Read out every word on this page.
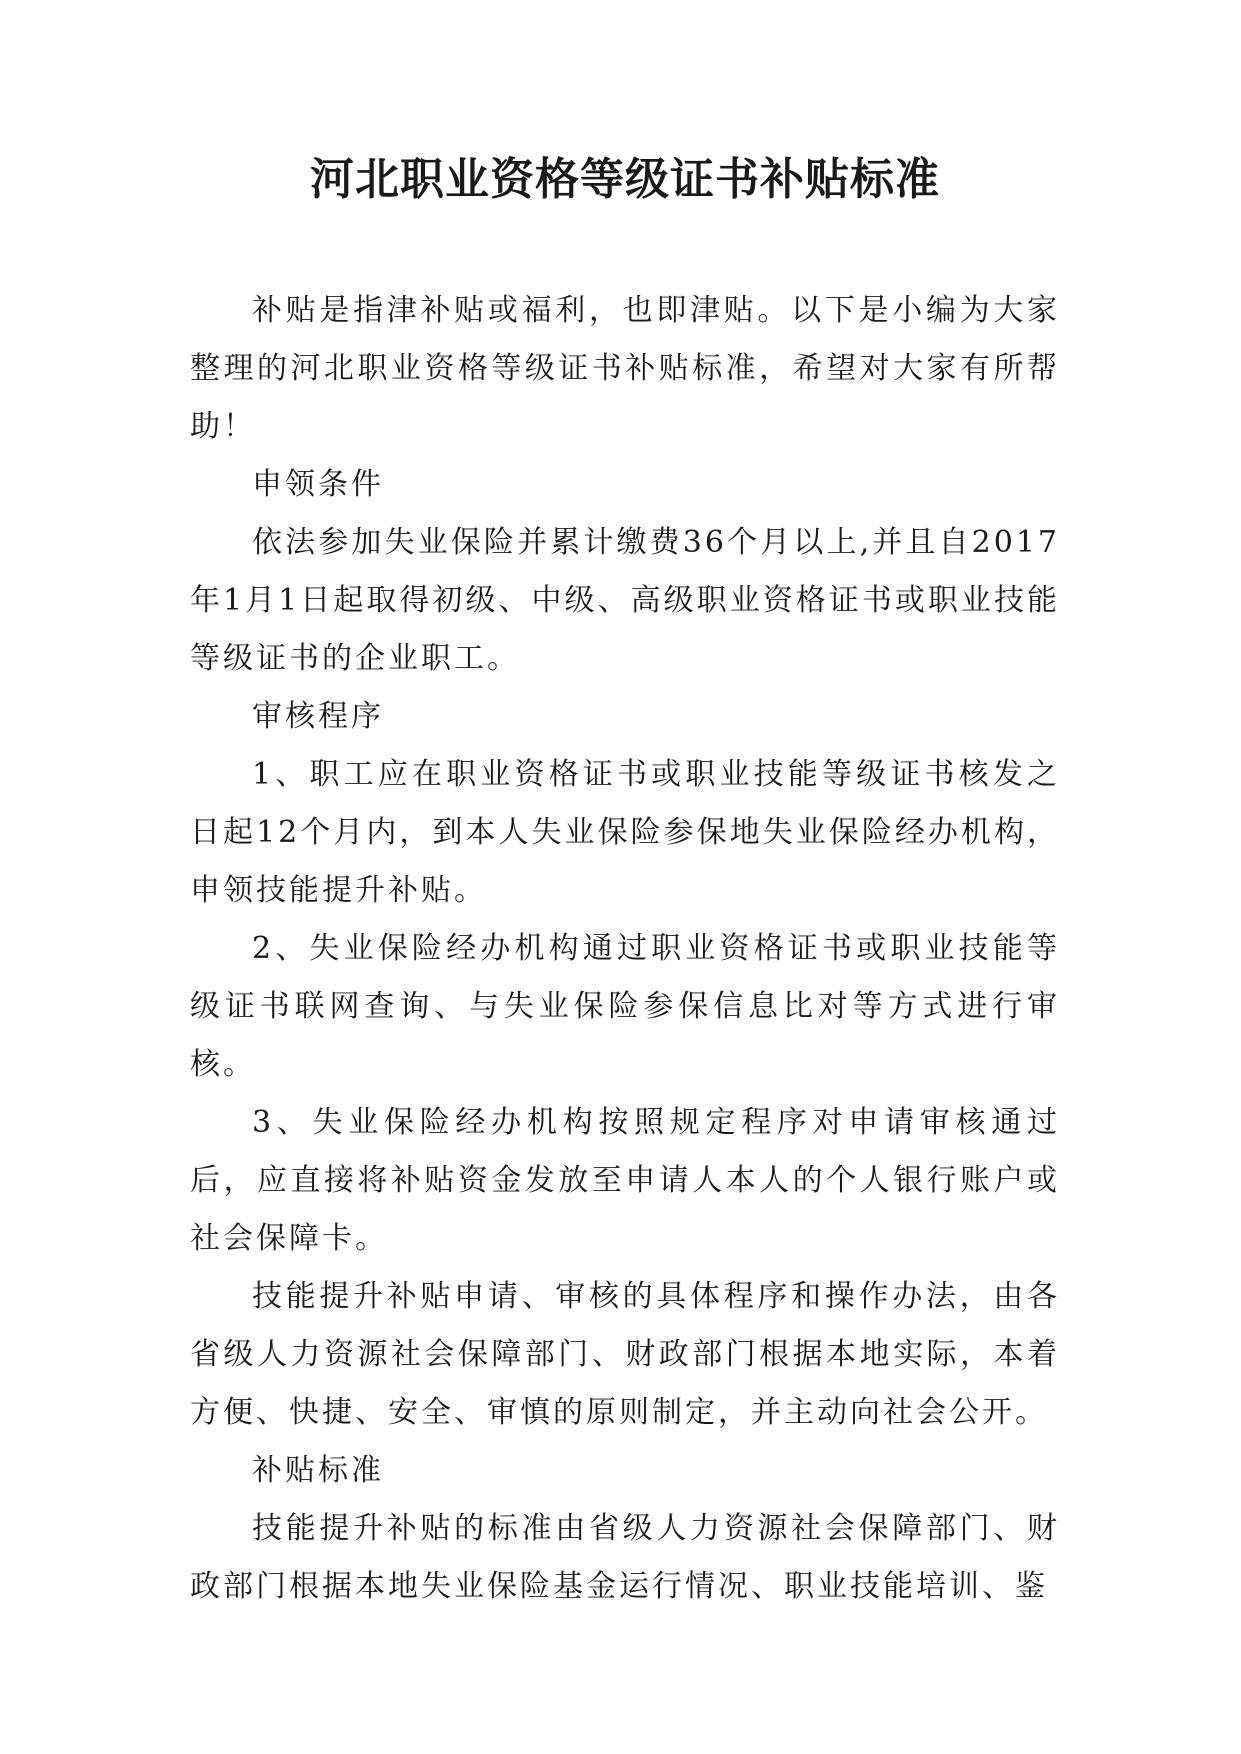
河北职业资格等级证书补贴标准

补贴是指津补贴或福利，也即津贴。以下是小编为大家整理的河北职业资格等级证书补贴标准，希望对大家有所帮助！

申领条件

依法参加失业保险并累计缴费36个月以上,并且自2017年1月1日起取得初级、中级、高级职业资格证书或职业技能等级证书的企业职工。

审核程序

1、职工应在职业资格证书或职业技能等级证书核发之日起12个月内，到本人失业保险参保地失业保险经办机构，申领技能提升补贴。

2、失业保险经办机构通过职业资格证书或职业技能等级证书联网查询、与失业保险参保信息比对等方式进行审核。

3、失业保险经办机构按照规定程序对申请审核通过后，应直接将补贴资金发放至申请人本人的个人银行账户或社会保障卡。

技能提升补贴申请、审核的具体程序和操作办法，由各省级人力资源社会保障部门、财政部门根据本地实际，本着方便、快捷、安全、审慎的原则制定，并主动向社会公开。

补贴标准

技能提升补贴的标准由省级人力资源社会保障部门、财政部门根据本地失业保险基金运行情况、职业技能培训、鉴
